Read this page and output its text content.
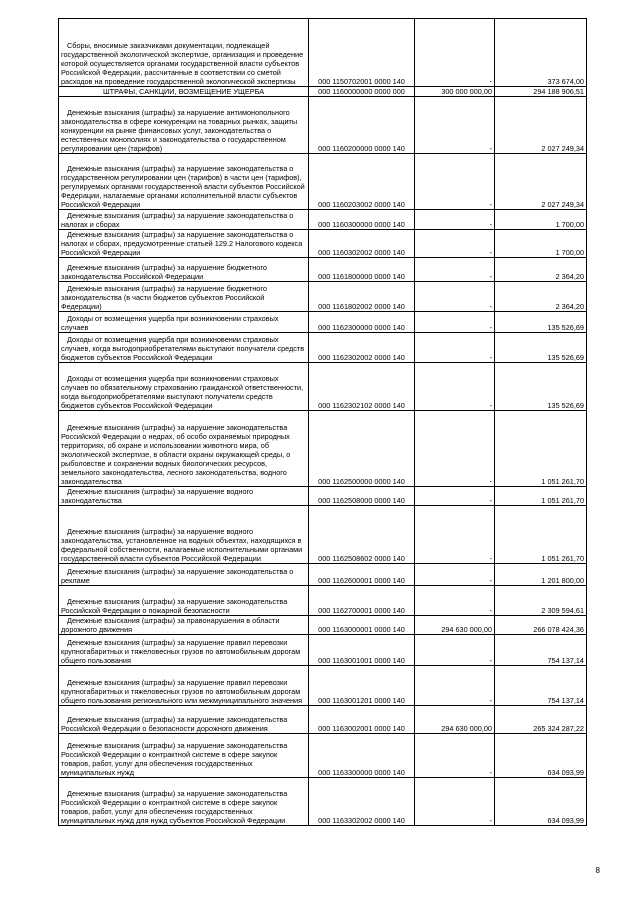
Сборы, вносимые заказчиками документации, подлежащей государственной экологической экспертизе, организация и проведение которой осуществляется органами государственной власти субъектов Российской Федерации, рассчитанные в соответствии со сметой расходов на проведение государственной экологической экспертизы	000 1150702001 0000 140	-	373 674,00

ШТРАФЫ, САНКЦИИ, ВОЗМЕЩЕНИЕ УЩЕРБА	000 1160000000 0000 000	300 000 000,00	294 188 906,51

Денежные взыскания (штрафы) за нарушение антимонопольного законодательства в сфере конкуренции на товарных рынках, защиты конкуренции на рынке финансовых услуг, законодательства о естественных монополиях и законодательства о государственном регулировании цен (тарифов)	000 1160200000 0000 140	-	2 027 249,34

Денежные взыскания (штрафы) за нарушение законодательства о государственном регулировании цен (тарифов) в части цен (тарифов), регулируемых органами государственной власти субъектов Российской Федерации, налагаемые органами исполнительной власти субъектов Российской Федерации	000 1160203002 0000 140	-	2 027 249,34

Денежные взыскания (штрафы) за нарушение законодательства о налогах и сборах	000 1160300000 0000 140	-	1 700,00

Денежные взыскания (штрафы) за нарушение законодательства о налогах и сборах, предусмотренные статьей 129.2 Налогового кодекса Российской Федерации	000 1160302002 0000 140	-	1 700,00

Денежные взыскания (штрафы) за нарушение бюджетного законодательства Российской Федерации	000 1161800000 0000 140	-	2 364,20

Денежные взыскания (штрафы) за нарушение бюджетного законодательства (в части бюджетов субъектов Российской Федерации)	000 1161802002 0000 140	-	2 364,20

Доходы от возмещения ущерба при возникновении страховых случаев	000 1162300000 0000 140	-	135 526,69

Доходы от возмещения ущерба при возникновении страховых случаев, когда выгодоприобретателями выступают получатели средств бюджетов субъектов Российской Федерации	000 1162302002 0000 140	-	135 526,69

Доходы от возмещения ущерба при возникновении страховых случаев по обязательному страхованию гражданской ответственности, когда выгодоприобретателями выступают получатели средств бюджетов субъектов Российской Федерации	000 1162302102 0000 140	-	135 526,69

Денежные взыскания (штрафы) за нарушение законодательства Российской Федерации о недрах, об особо охраняемых природных территориях, об охране и использовании животного мира, об экологической экспертизе, в области охраны окружающей среды, о рыболовстве и сохранении водных биологических ресурсов, земельного законодательства, лесного законодательства, водного законодательства	000 1162500000 0000 140	-	1 051 261,70

Денежные взыскания (штрафы) за нарушение водного законодательства	000 1162508000 0000 140	-	1 051 261,70

Денежные взыскания (штрафы) за нарушение водного законодательства, установленное на водных объектах, находящихся в федеральной собственности, налагаемые исполнительными органами государственной власти субъектов Российской Федерации	000 1162508602 0000 140	-	1 051 261,70

Денежные взыскания (штрафы) за нарушение законодательства о рекламе	000 1162600001 0000 140	-	1 201 800,00

Денежные взыскания (штрафы) за нарушение законодательства Российской Федерации о пожарной безопасности	000 1162700001 0000 140	-	2 309 594,61

Денежные взыскания (штрафы) за правонарушения в области дорожного движения	000 1163000001 0000 140	294 630 000,00	266 078 424,36

Денежные взыскания (штрафы) за нарушение правил перевозки крупногабаритных и тяжеловесных грузов по автомобильным дорогам общего пользования	000 1163001001 0000 140	-	754 137,14

Денежные взыскания (штрафы) за нарушение правил перевозки крупногабаритных и тяжеловесных грузов по автомобильным дорогам общего пользования регионального или межмуниципального значения	000 1163001201 0000 140	-	754 137,14

Денежные взыскания (штрафы) за нарушение законодательства Российской Федерации о безопасности дорожного движения	000 1163002001 0000 140	294 630 000,00	265 324 287,22

Денежные взыскания (штрафы) за нарушение законодательства Российской Федерации о контрактной системе в сфере закупок товаров, работ, услуг для обеспечения государственных муниципальных нужд	000 1163300000 0000 140	-	634 093,99

Денежные взыскания (штрафы) за нарушение законодательства Российской Федерации о контрактной системе в сфере закупок товаров, работ, услуг для обеспечения государственных муниципальных нужд для нужд субъектов Российской Федерации	000 1163302002 0000 140	-	634 093,99
8
